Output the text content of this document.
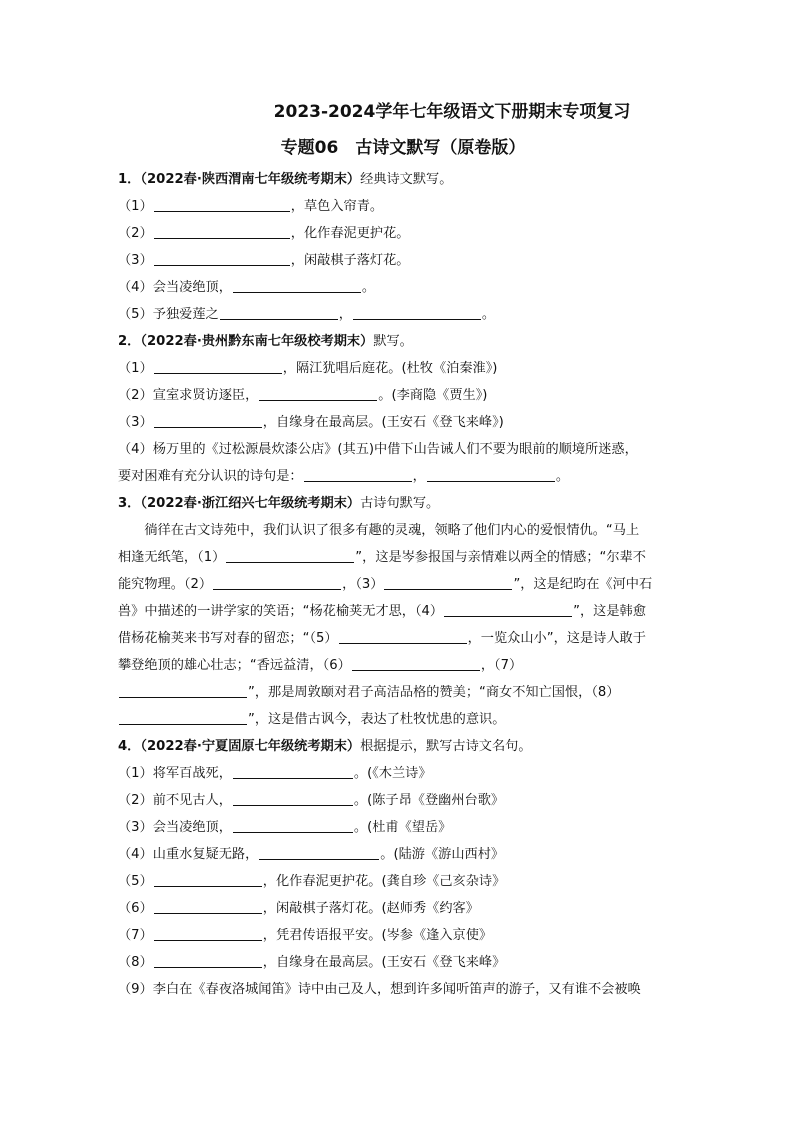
2023-2024学年七年级语文下册期末专项复习
专题06　古诗文默写（原卷版）
1．（2022春·陕西渭南七年级统考期末）经典诗文默写。
（1）	，草色入帘青。
（2）	，化作春泥更护花。
（3）	，闲敲棋子落灯花。
（4）会当凌绝顶，	。
（5）予独爱莲之	，	。
2．（2022春·贵州黔东南七年级校考期末）默写。
（1）	，隔江犹唱后庭花。(杜牧《泊秦淮》)
（2）宣室求贤访逐臣，	。(李商隐《贾生》)
（3）	，自缘身在最高层。(王安石《登飞来峰》)
（4）杨万里的《过松源晨炊漆公店》(其五)中借下山告诫人们不要为眼前的顺境所迷惑，
要对困难有充分认识的诗句是：	，	。
3．（2022春·浙江绍兴七年级统考期末）古诗句默写。
　　徜徉在古文诗苑中，我们认识了很多有趣的灵魂，领略了他们内心的爱恨情仇。“马上
相逢无纸笔，（1）	”，这是岑参报国与亲情难以两全的情感；“尔辈不
能究物理。（2）	，（3）	”，这是纪昀在《河中石
兽》中描述的一讲学家的笑语；“杨花榆荚无才思，（4）	”，这是韩愈
借杨花榆荚来书写对春的留恋；“（5）	，一览众山小”，这是诗人敢于
攀登绝顶的雄心壮志；“香远益清，（6）	，（7）
”，那是周敦颐对君子高洁品格的赞美；“商女不知亡国恨，（8）
”，这是借古讽今，表达了杜牧忧患的意识。
4．（2022春·宁夏固原七年级统考期末）根据提示，默写古诗文名句。
（1）将军百战死，	。(《木兰诗》
（2）前不见古人，	。(陈子昂《登幽州台歌》
（3）会当凌绝顶，	。(杜甫《望岳》
（4）山重水复疑无路，	。(陆游《游山西村》
（5）	，化作春泥更护花。(龚自珍《己亥杂诗》
（6）	，闲敲棋子落灯花。(赵师秀《约客》
（7）	，凭君传语报平安。(岑参《逢入京使》
（8）	，自缘身在最高层。(王安石《登飞来峰》
（9）李白在《春夜洛城闻笛》诗中由己及人，想到许多闻听笛声的游子，又有谁不会被唤
